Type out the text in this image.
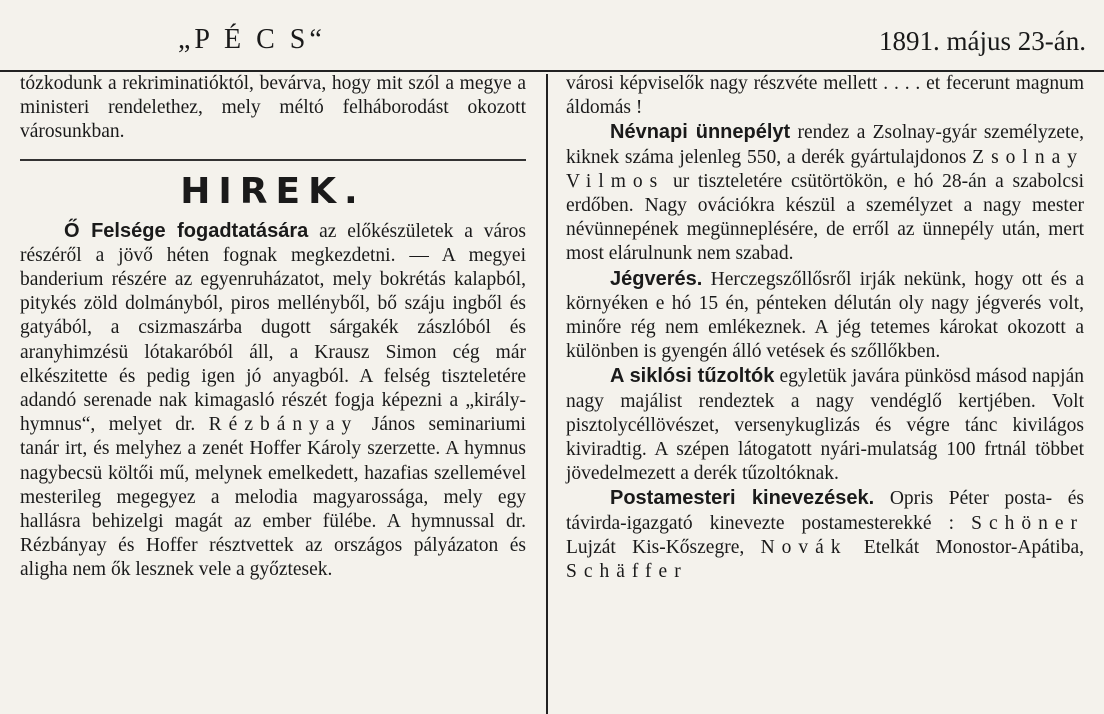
„P É C S“	1891. május 23-án.

tózkodunk a rekriminatióktól, bevárva, hogy mit szól a megye a ministeri rendelethez, mely méltó felháborodást okozott városunkban.

HIREK.

Ő Felsége fogadtatására az előkészületek a város részéről a jövő héten fognak megkezdetni. — A megyei banderium részére az egyenruházatot, mely bokrétás kalapból, pitykés zöld dolmányból, piros mellényből, bő száju ingből és gatyából, a csizmaszárba dugott sárgakék zászlóból és aranyhimzésü lótakaróból áll, a Krausz Simon cég már elkészitette és pedig igen jó anyagból. A felség tiszteletére adandó serenade nak kimagasló részét fogja képezni a „király-hymnus“, melyet dr. Rézbányay János seminariumi tanár irt, és melyhez a zenét Hoffer Károly szerzette. A hymnus nagybecsü költői mű, melynek emelkedett, hazafias szellemével mesterileg megegyez a melodia magyarossága, mely egy hallásra behizelgi magát az ember fülébe. A hymnussal dr. Rézbányay és Hoffer résztvettek az országos pályázaton és aligha nem ők lesznek vele a győztesek.

városi képviselők nagy részvéte mellett . . . . et fecerunt magnum áldomás !

Névnapi ünnepélyt rendez a Zsolnay-gyár személyzete, kiknek száma jelenleg 550, a derék gyártulajdonos Zsolnay Vilmos ur tiszteletére csütörtökön, e hó 28-án a szabolcsi erdőben. Nagy ovációkra készül a személyzet a nagy mester névünnepének megünneplésére, de erről az ünnepély után, mert most elárulnunk nem szabad.

Jégverés. Herczegszőllősről irják nekünk, hogy ott és a környéken e hó 15 én, pénteken délután oly nagy jégverés volt, minőre rég nem emlékeznek. A jég tetemes károkat okozott a különben is gyengén álló vetések és szőllőkben.

A siklósi tűzoltók egyletük javára pünkösd másod napján nagy majálist rendeztek a nagy vendéglő kertjében. Volt pisztolycéllövészet, versenykuglizás és végre tánc kivilágos kiviradtig. A szépen látogatott nyári-mulatság 100 frtnál többet jövedelmezett a derék tűzoltóknak.

Postamesteri kinevezések. Opris Péter posta- és távirda-igazgató kinevezte postamesterekké : Schöner Lujzát Kis-Kőszegre, Novák Etelkát Monostor-Apátiba, Schäffer
